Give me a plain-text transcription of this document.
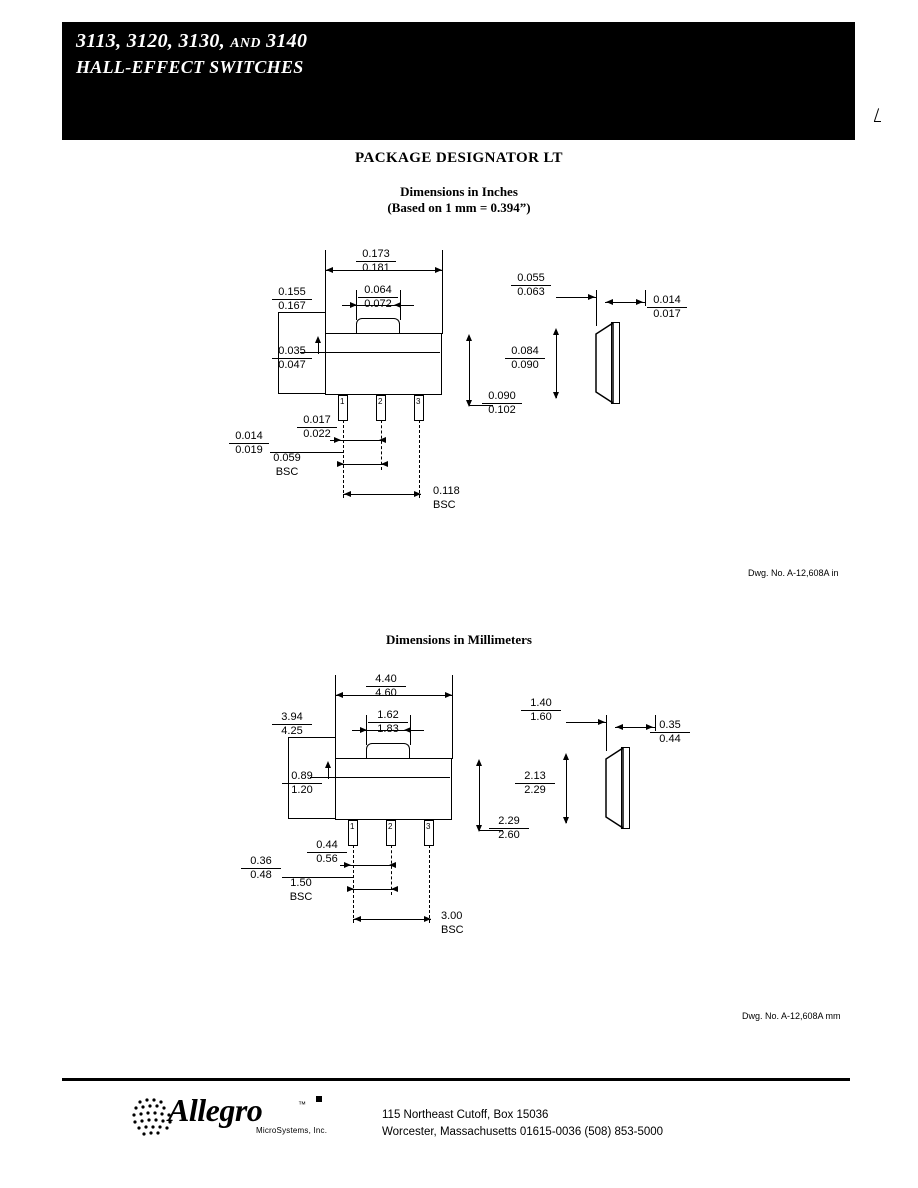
3113, 3120, 3130, AND 3140
HALL-EFFECT SWITCHES
PACKAGE DESIGNATOR LT
Dimensions in Inches
(Based on 1 mm = 0.394”)
Dimensions in Millimeters
1	2	3
0.173
0.181
0.064
0.072
0.155
0.167
0.035
0.047
0.090
0.102
0.017
0.022
0.014
0.019
0.059
BSC
0.118
BSC
0.055
0.063
0.014
0.017
0.084
0.090
Dwg. No. A-12,608A in
1	2	3
4.40
4.60
1.62
1.83
3.94
4.25
0.89
1.20
2.29
2.60
0.44
0.56
0.36
0.48
1.50
BSC
3.00
BSC
1.40
1.60
0.35
0.44
2.13
2.29
Dwg. No. A-12,608A mm
Allegro	™
MicroSystems, Inc.
115 Northeast Cutoff, Box 15036
Worcester, Massachusetts 01615-0036 (508) 853-5000
